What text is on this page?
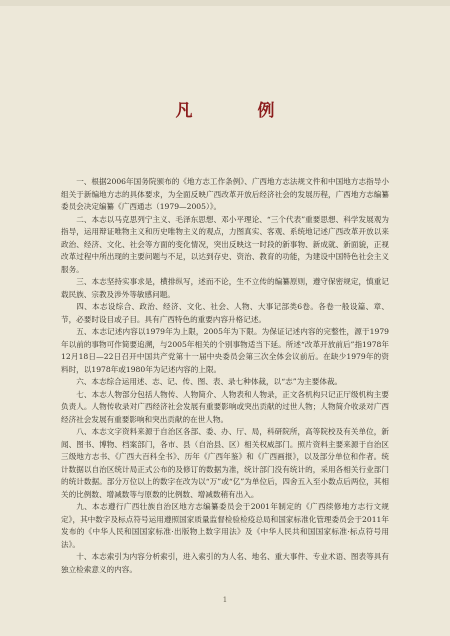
凡　例

一、根据2006年国务院颁布的《地方志工作条例》、广西地方志法规文件和中国地方志指导小组关于新编地方志的具体要求，为全面反映广西改革开放后经济社会的发展历程，广西地方志编纂委员会决定编纂《广西通志（1979—2005）》。

二、本志以马克思列宁主义、毛泽东思想、邓小平理论、“三个代表”重要思想、科学发展观为指导，运用辩证唯物主义和历史唯物主义的观点，力图真实、客观、系统地记述广西改革开放以来政治、经济、文化、社会等方面的变化情况，突出反映这一时段的新事物、新成就、新面貌，正视改革过程中所出现的主要问题与不足，以达到存史、资治、教育的功能，为建设中国特色社会主义服务。

三、本志坚持实事求是，横排纵写，述而不论，生不立传的编纂原则，遵守保密规定，慎重记载民族、宗教及涉外等敏感问题。

四、本志设综合、政治、经济、文化、社会、人物、大事记部类6卷。各卷一般设篇、章、节，必要时设目或子目。具有广西特色的重要内容升格记述。

五、本志记述内容以1979年为上限，2005年为下限。为保证记述内容的完整性，源于1979年以前的事物可作简要追溯，与2005年相关的个别事物适当下延。所述“改革开放前后”指1978年12月18日—22日召开中国共产党第十一届中央委员会第三次全体会议前后。在缺少1979年的资料时，以1978年或1980年为记述内容的上限。

六、本志综合运用述、志、记、传、图、表、录七种体裁，以“志”为主要体裁。

七、本志人物部分包括人物传、人物简介、人物表和人物录，正文各机构只记正厅级机构主要负责人。人物传收录对广西经济社会发展有重要影响或突出贡献的过世人物；人物简介收录对广西经济社会发展有重要影响和突出贡献的在世人物。

八、本志文字资料来源于自治区各部、委、办、厅、局，科研院所，高等院校及有关单位，新闻、图书、博物、档案部门，各市、县（自治县、区）相关权威部门。照片资料主要来源于自治区三级地方志书、《广西大百科全书》、历年《广西年鉴》和《广西画报》，以及部分单位和作者。统计数据以自治区统计局正式公布的及修订的数据为准，统计部门没有统计的，采用各相关行业部门的统计数据。部分万位以上的数字在改为以“万”或“亿”为单位后，四舍五入至小数点后两位，其相关的比例数、增减数等与原数的比例数、增减数稍有出入。

九、本志遵行广西壮族自治区地方志编纂委员会于2001年制定的《广西续修地方志行文规定》，其中数字及标点符号运用遵照国家质量监督检验检疫总局和国家标准化管理委员会于2011年发布的《中华人民和国国家标准·出版物上数字用法》及《中华人民共和国国家标准·标点符号用法》。

十、本志索引为内容分析索引，进入索引的为人名、地名、重大事件、专业术语、图表等具有独立检索意义的内容。

1
